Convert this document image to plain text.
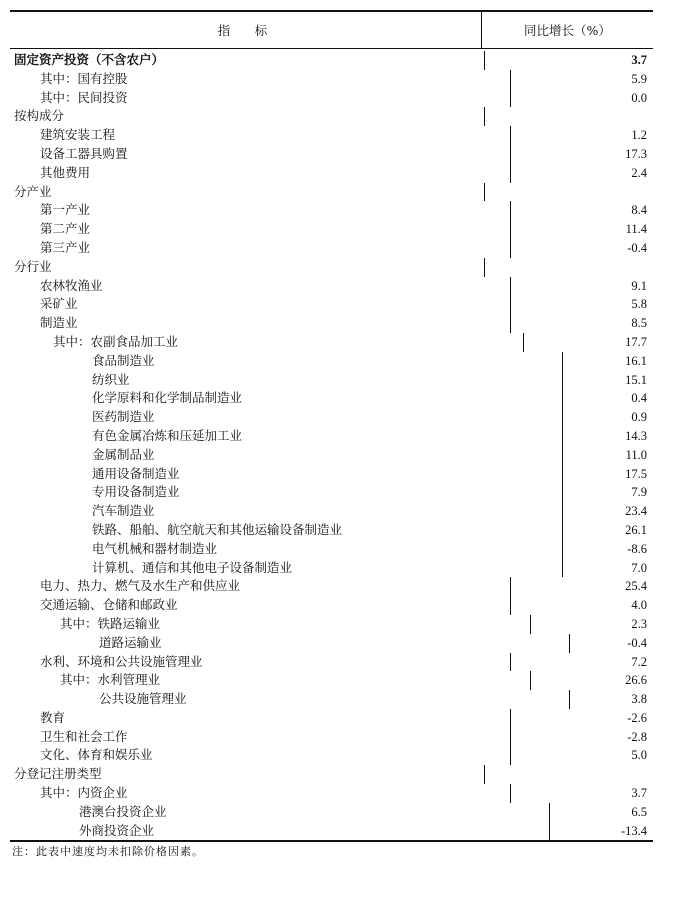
指　标	同比增长（%）
固定资产投资（不含农户）	3.7
其中：国有控股	5.9
其中：民间投资	0.0
按构成分
建筑安装工程	1.2
设备工器具购置	17.3
其他费用	2.4
分产业
第一产业	8.4
第二产业	11.4
第三产业	-0.4
分行业
农林牧渔业	9.1
采矿业	5.8
制造业	8.5
其中：农副食品加工业	17.7
食品制造业	16.1
纺织业	15.1
化学原料和化学制品制造业	0.4
医药制造业	0.9
有色金属冶炼和压延加工业	14.3
金属制品业	11.0
通用设备制造业	17.5
专用设备制造业	7.9
汽车制造业	23.4
铁路、船舶、航空航天和其他运输设备制造业	26.1
电气机械和器材制造业	-8.6
计算机、通信和其他电子设备制造业	7.0
电力、热力、燃气及水生产和供应业	25.4
交通运输、仓储和邮政业	4.0
其中：铁路运输业	2.3
道路运输业	-0.4
水利、环境和公共设施管理业	7.2
其中：水利管理业	26.6
公共设施管理业	3.8
教育	-2.6
卫生和社会工作	-2.8
文化、体育和娱乐业	5.0
分登记注册类型
其中：内资企业	3.7
港澳台投资企业	6.5
外商投资企业	-13.4
注：此表中速度均未扣除价格因素。
